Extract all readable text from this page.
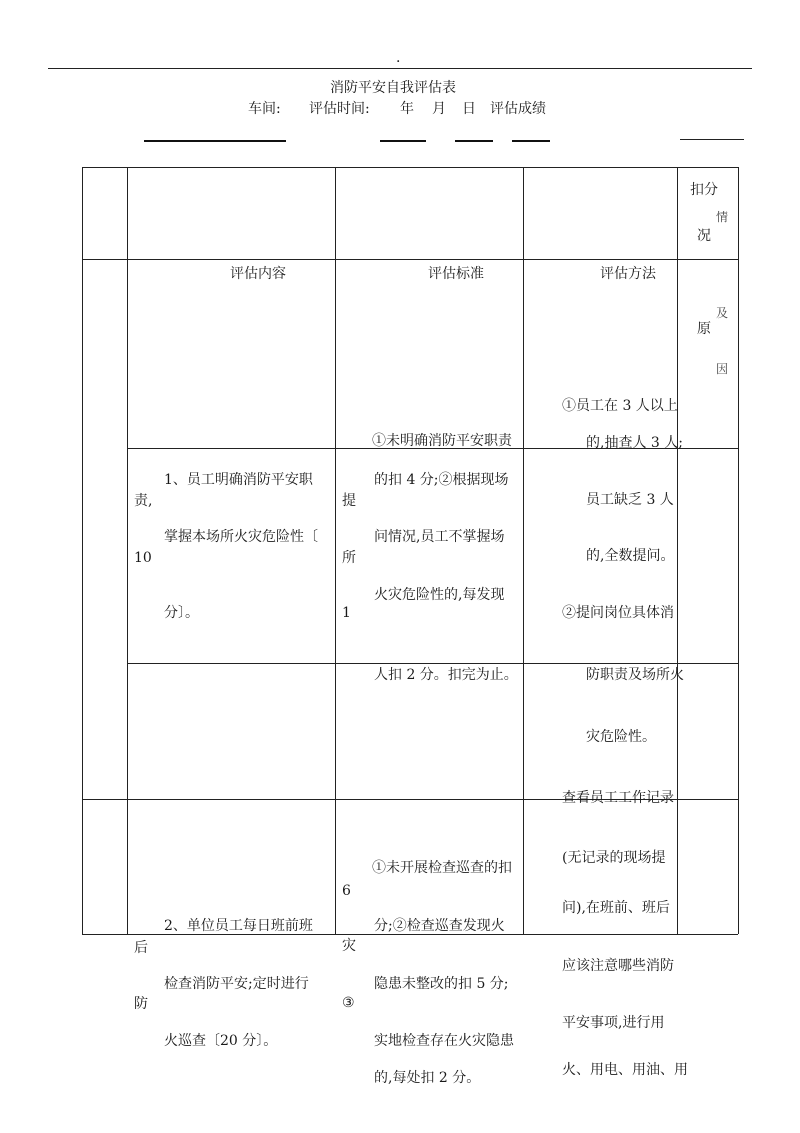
·
消防平安自我评估表
车间: 评估时间: 年 月 日 评估成绩
扣分
情
况
及
原
因
评估内容	评估标准	评估方法
1、员工明确消防平安职
责,
掌握本场所火灾危险性〔
10
分〕。
提
所
1
①未明确消防平安职责
的扣 4 分;②根据现场
问情况,员工不掌握场
火灾危险性的,每发现
人扣 2 分。扣完为止。
①员工在 3 人以上
的,抽查人 3 人;
员工缺乏 3 人
的,全数提问。
②提问岗位具体消
防职责及场所火
灾危险性。
2、单位员工每日班前班
后
检查消防平安;定时进行
防
火巡查〔20 分〕。
6
灾
③
①未开展检查巡查的扣
分;②检查巡查发现火
隐患未整改的扣 5 分;
实地检查存在火灾隐患
的,每处扣 2 分。
查看员工工作记录
(无记录的现场提
问),在班前、班后
应该注意哪些消防
平安事项,进行用
火、用电、用油、用
